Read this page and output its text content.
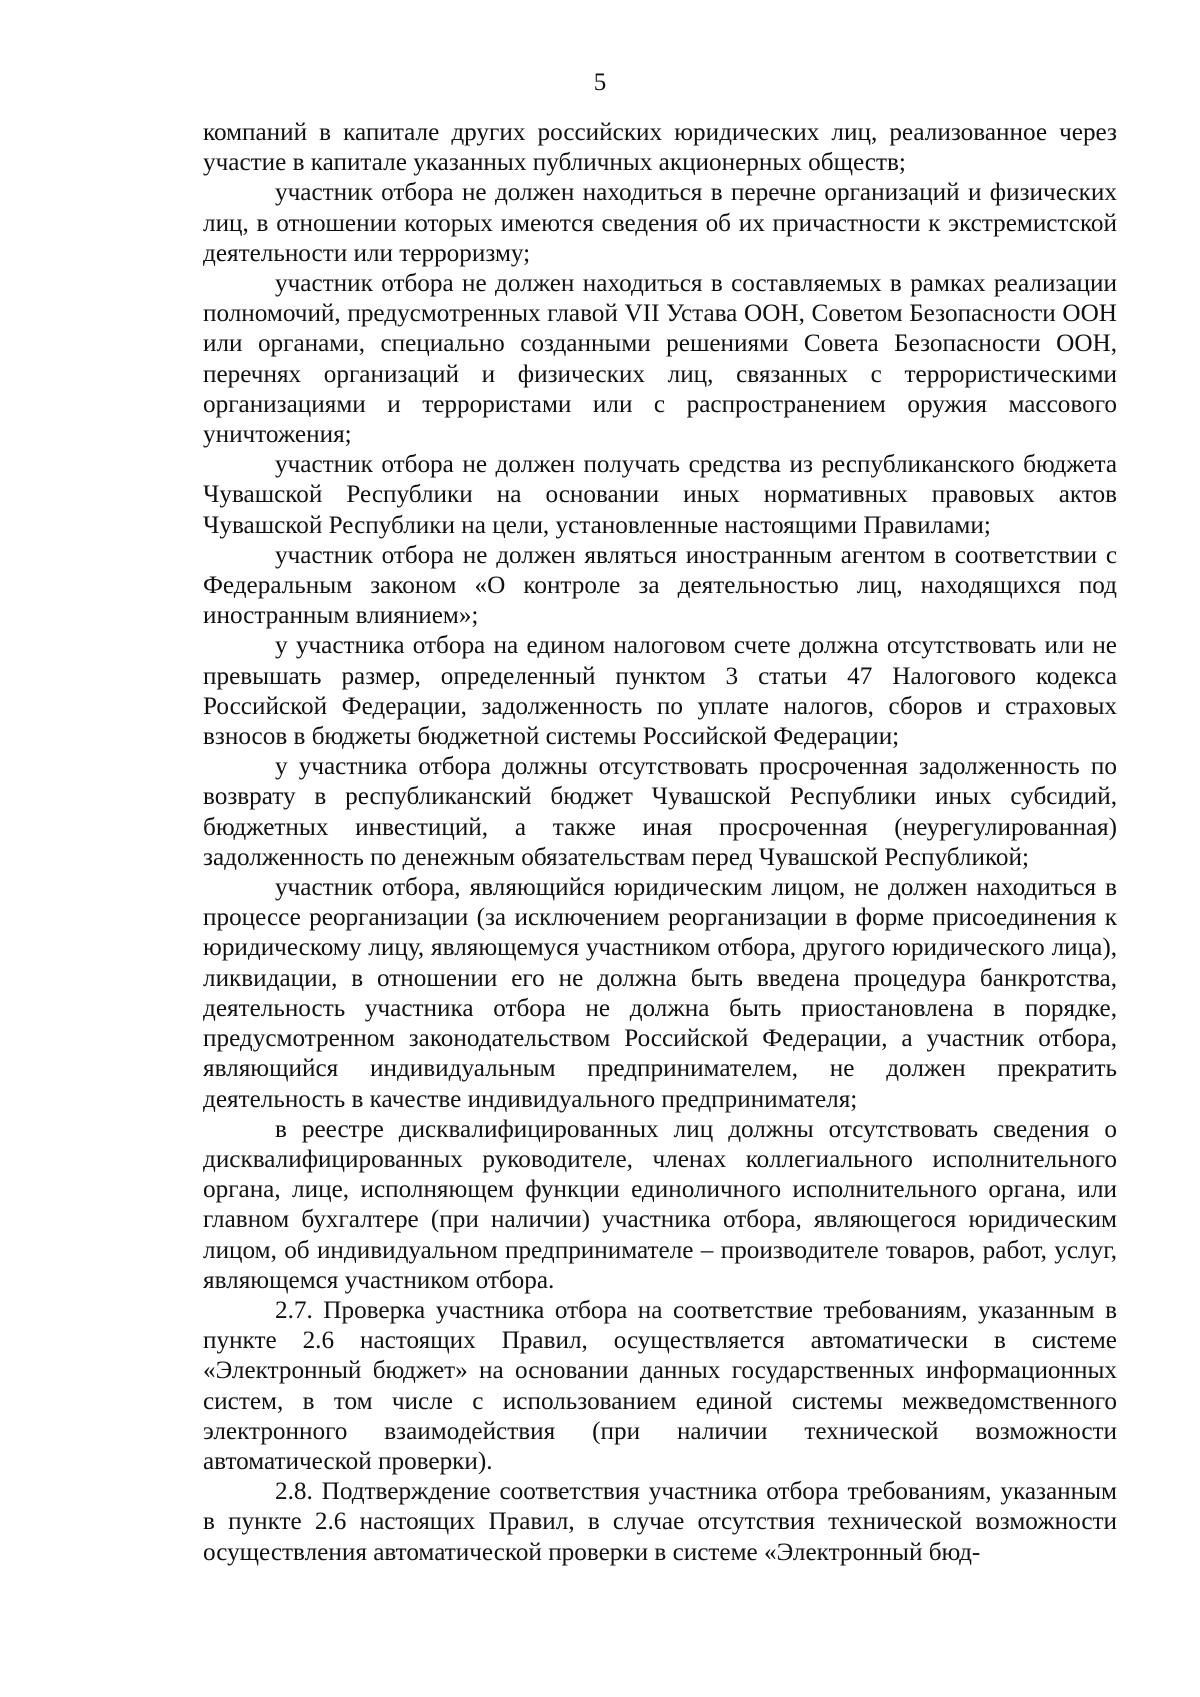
5

компаний в капитале других российских юридических лиц, реализованное через участие в капитале указанных публичных акционерных обществ;

участник отбора не должен находиться в перечне организаций и физических лиц, в отношении которых имеются сведения об их причастности к экстремистской деятельности или терроризму;

участник отбора не должен находиться в составляемых в рамках реализации полномочий, предусмотренных главой VII Устава ООН, Советом Безопасности ООН или органами, специально созданными решениями Совета Безопасности ООН, перечнях организаций и физических лиц, связанных с террористическими организациями и террористами или с распространением оружия массового уничтожения;

участник отбора не должен получать средства из республиканского бюджета Чувашской Республики на основании иных нормативных правовых актов Чувашской Республики на цели, установленные настоящими Правилами;

участник отбора не должен являться иностранным агентом в соответствии с Федеральным законом «О контроле за деятельностью лиц, находящихся под иностранным влиянием»;

у участника отбора на едином налоговом счете должна отсутствовать или не превышать размер, определенный пунктом 3 статьи 47 Налогового кодекса Российской Федерации, задолженность по уплате налогов, сборов и страховых взносов в бюджеты бюджетной системы Российской Федерации;

у участника отбора должны отсутствовать просроченная задолженность по возврату в республиканский бюджет Чувашской Республики иных субсидий, бюджетных инвестиций, а также иная просроченная (неурегулированная) задолженность по денежным обязательствам перед Чувашской Республикой;

участник отбора, являющийся юридическим лицом, не должен находиться в процессе реорганизации (за исключением реорганизации в форме присоединения к юридическому лицу, являющемуся участником отбора, другого юридического лица), ликвидации, в отношении его не должна быть введена процедура банкротства, деятельность участника отбора не должна быть приостановлена в порядке, предусмотренном законодательством Российской Федерации, а участник отбора, являющийся индивидуальным предпринимателем, не должен прекратить деятельность в качестве индивидуального предпринимателя;

в реестре дисквалифицированных лиц должны отсутствовать сведения о дисквалифицированных руководителе, членах коллегиального исполнительного органа, лице, исполняющем функции единоличного исполнительного органа, или главном бухгалтере (при наличии) участника отбора, являющегося юридическим лицом, об индивидуальном предпринимателе – производителе товаров, работ, услуг, являющемся участником отбора.

2.7. Проверка участника отбора на соответствие требованиям, указанным в пункте 2.6 настоящих Правил, осуществляется автоматически в системе «Электронный бюджет» на основании данных государственных информационных систем, в том числе с использованием единой системы межведомственного электронного взаимодействия (при наличии технической возможности автоматической проверки).

2.8. Подтверждение соответствия участника отбора требованиям, указанным в пункте 2.6 настоящих Правил, в случае отсутствия технической возможности осуществления автоматической проверки в системе «Электронный бюд-
